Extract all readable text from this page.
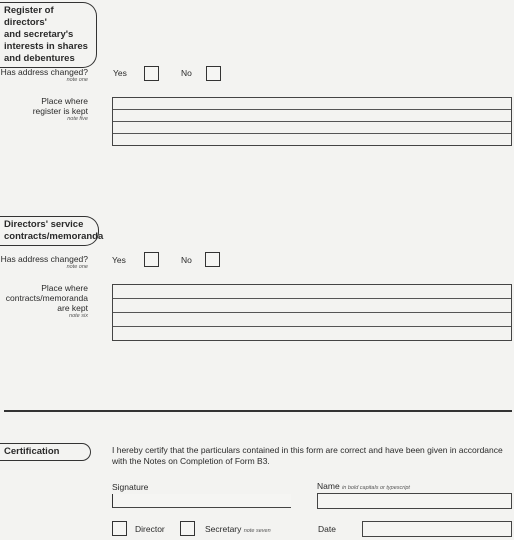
Register of directors'
and secretary's
interests in shares
and debentures
Has address changed?
note one
Yes	No
Place where
register is kept
note five
Directors' service
contracts/memoranda
Has address changed?
note one
Yes	No
Place where
contracts/memoranda
are kept
note six
Certification	I hereby certify that the particulars contained in this form are correct and have been given in accordance with the Notes on Completion of Form B3.
Signature	Name in bold capitals or typescript
Director	Secretary note seven	Date
